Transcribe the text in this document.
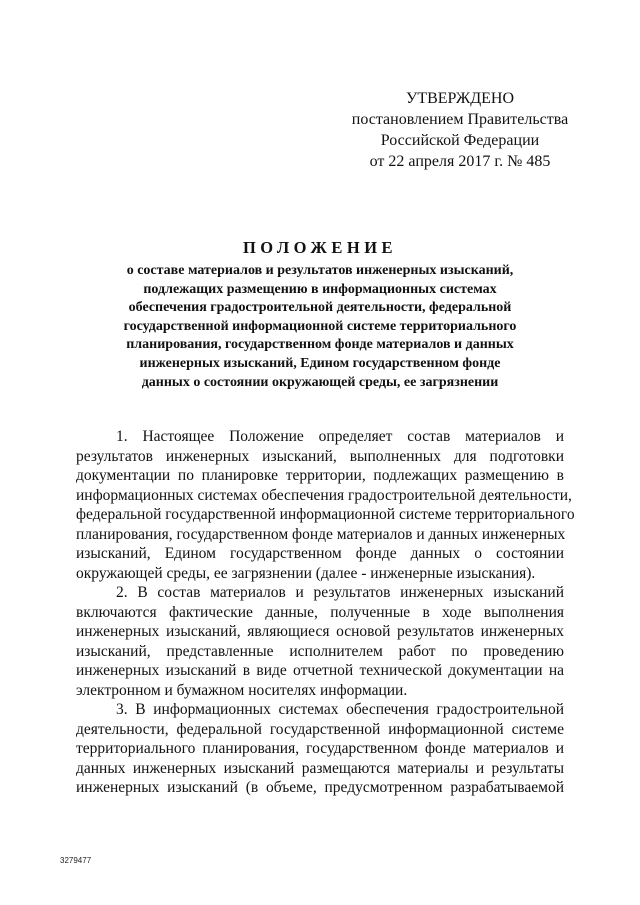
УТВЕРЖДЕНО
постановлением Правительства
Российской Федерации
от 22 апреля 2017 г. № 485
ПОЛОЖЕНИЕ
о составе материалов и результатов инженерных изысканий,
подлежащих размещению в информационных системах
обеспечения градостроительной деятельности, федеральной
государственной информационной системе территориального
планирования, государственном фонде материалов и данных
инженерных изысканий, Едином государственном фонде
данных о состоянии окружающей среды, ее загрязнении
1. Настоящее Положение определяет состав материалов и
результатов инженерных изысканий, выполненных для подготовки
документации по планировке территории, подлежащих размещению в
информационных системах обеспечения градостроительной деятельности,
федеральной государственной информационной системе территориального
планирования, государственном фонде материалов и данных инженерных
изысканий, Едином государственном фонде данных о состоянии
окружающей среды, ее загрязнении (далее - инженерные изыскания).
2. В состав материалов и результатов инженерных изысканий
включаются фактические данные, полученные в ходе выполнения
инженерных изысканий, являющиеся основой результатов инженерных
изысканий, представленные исполнителем работ по проведению
инженерных изысканий в виде отчетной технической документации на
электронном и бумажном носителях информации.
3. В информационных системах обеспечения градостроительной
деятельности, федеральной государственной информационной системе
территориального планирования, государственном фонде материалов и
данных инженерных изысканий размещаются материалы и результаты
инженерных изысканий (в объеме, предусмотренном разрабатываемой
3279477
